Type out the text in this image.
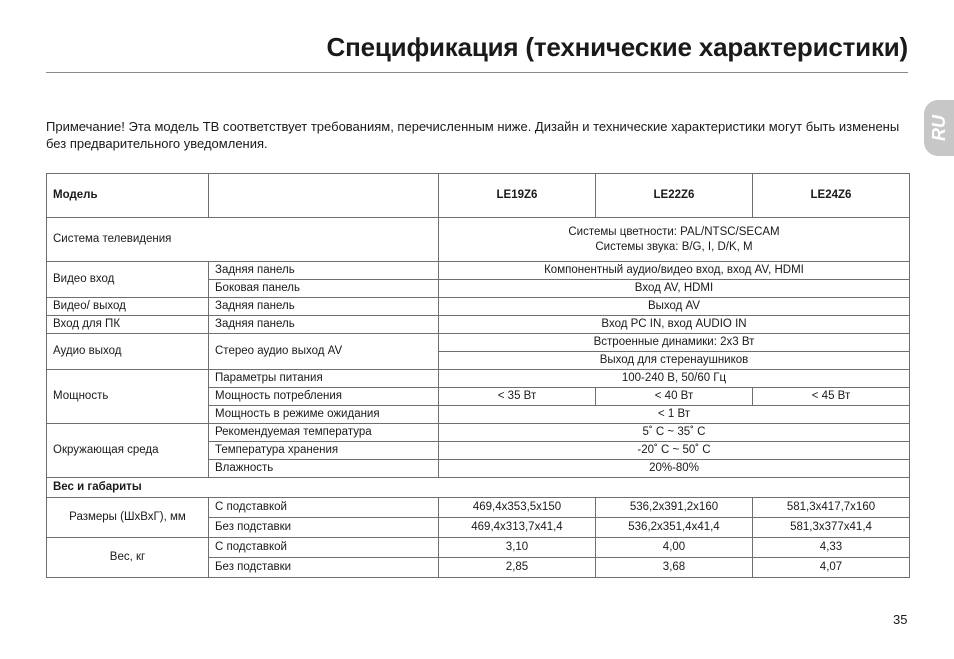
Спецификация (технические характеристики)

Примечание! Эта модель ТВ соответствует требованиям, перечисленным ниже. Дизайн и технические характеристики могут быть изменены без предварительного уведомления.

RU
Модель		LE19Z6	LE22Z6	LE24Z6
Система телевидения		Системы цветности: PAL/NTSC/SECAM
Системы звука: B/G, I, D/K, M		

Видео вход	Задняя панель	Компонентный аудио/видео вход, вход AV, HDMI		
	Боковая панель	Вход AV, HDMI		
Видео/ выход	Задняя панель	Выход AV		
Вход для ПК	Задняя панель	Вход PC IN, вход AUDIO IN		
Аудио выход	Стерео аудио выход AV	Встроенные динамики: 2х3 Вт		
		Выход для стеренаушников		
Мощность	Параметры питания	100-240 В, 50/60 Гц		
	Мощность потребления	< 35 Вт	< 40 Вт	< 45 Вт
	Мощность в режиме ожидания	< 1 Вт		
Окружающая среда	Рекомендуемая температура	5˚ C ~ 35˚ C		
	Температура хранения	-20˚ C ~ 50˚ C		
	Влажность	20%-80%		
Вес и габариты				
Размеры (ШхВхГ), мм	С подставкой	469,4x353,5x150	536,2x391,2x160	581,3x417,7x160
	Без подставки	469,4x313,7x41,4	536,2x351,4x41,4	581,3x377x41,4
Вес, кг	С подставкой	3,10	4,00	4,33
	Без подставки	2,85	3,68	4,07
35
